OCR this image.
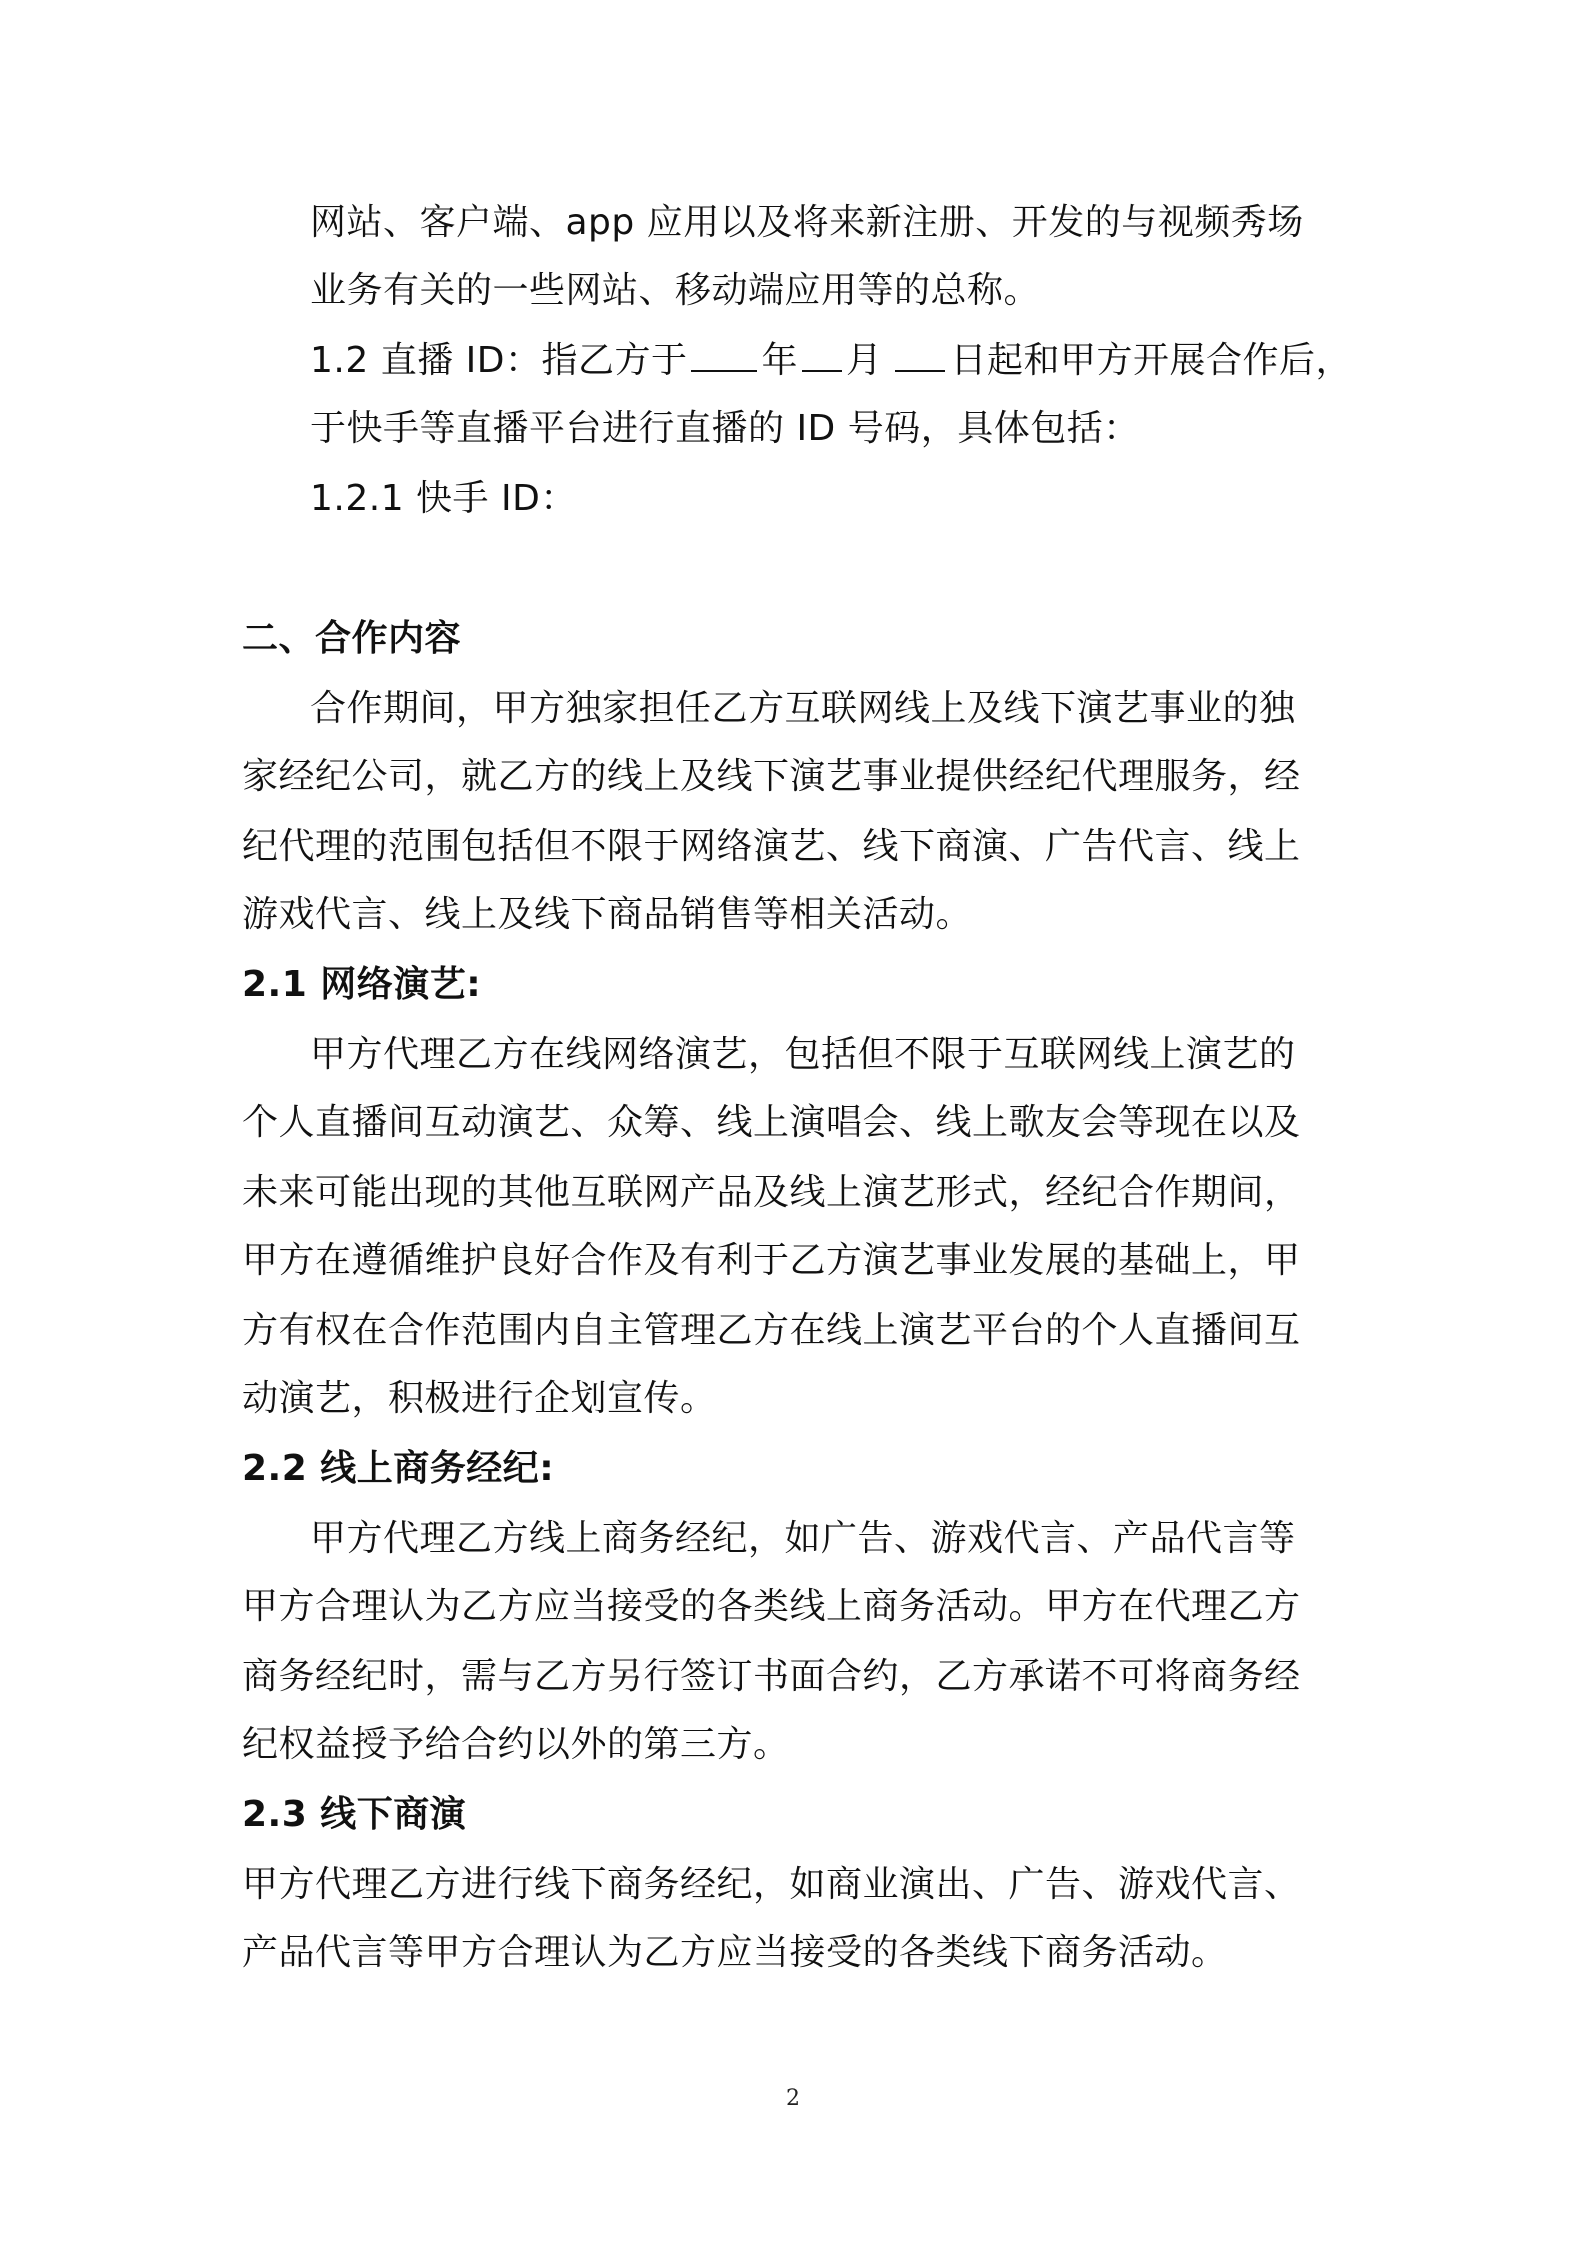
网站、客户端、app 应用以及将来新注册、开发的与视频秀场
业务有关的一些网站、移动端应用等的总称。
1.2 直播 ID：指乙方于 年 月 日起和甲方开展合作后，
于快手等直播平台进行直播的 ID 号码，具体包括：
1.2.1 快手 ID：
二、合作内容
合作期间，甲方独家担任乙方互联网线上及线下演艺事业的独
家经纪公司，就乙方的线上及线下演艺事业提供经纪代理服务，经
纪代理的范围包括但不限于网络演艺、线下商演、广告代言、线上
游戏代言、线上及线下商品销售等相关活动。
2.1 网络演艺:
甲方代理乙方在线网络演艺，包括但不限于互联网线上演艺的
个人直播间互动演艺、众筹、线上演唱会、线上歌友会等现在以及
未来可能出现的其他互联网产品及线上演艺形式，经纪合作期间，
甲方在遵循维护良好合作及有利于乙方演艺事业发展的基础上，甲
方有权在合作范围内自主管理乙方在线上演艺平台的个人直播间互
动演艺，积极进行企划宣传。
2.2 线上商务经纪:
甲方代理乙方线上商务经纪，如广告、游戏代言、产品代言等
甲方合理认为乙方应当接受的各类线上商务活动。甲方在代理乙方
商务经纪时，需与乙方另行签订书面合约，乙方承诺不可将商务经
纪权益授予给合约以外的第三方。
2.3 线下商演
甲方代理乙方进行线下商务经纪，如商业演出、广告、游戏代言、
产品代言等甲方合理认为乙方应当接受的各类线下商务活动。
2
